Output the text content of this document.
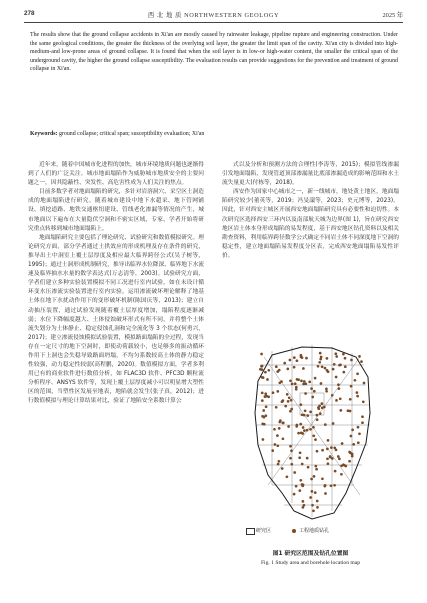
278	西 北 地 质 NORTHWESTERN GEOLOGY	2025 年
The results show that the ground collapse accidents in Xi'an are mostly caused by rainwater leakage, pipeline rupture and engineering construction. Under the same geological conditions, the greater the thickness of the overlying soil layer, the greater the limit span of the cavity. Xi'an city is divided into high-medium-and low-prone areas of ground collapse. It is found that when the soil layer is in low-or high-water content, the smaller the critical span of the underground cavity, the higher the ground collapse susceptibility. The evaluation results can provide suggestions for the prevention and treatment of ground collapse in Xi'an.
Keywords: ground collapse; critical span; susceptibility evaluation; Xi'an

近年来，随着中国城市化进程的加快，城市环境地质问题也逐渐得到了人们的广泛关注。城市地面塌陷作为威胁城市地质安全的主要问题之一，因其隐蔽性、突发性、高危害性成为人们关注的焦点。

目前多数学者对地面塌陷的研究，多针对岩溶洞穴、采空区土洞造成的地面塌陷进行研究。随着城市建设中地下水超采、地下管网铺设、填挖道路、地铁交通枢纽建设、管线老化渗漏等情况的产生，城市地面以下遍布在大量隐伏空洞和不密实区域，专家、学者开始将研究重点转移到城市地面塌陷上。

地面塌陷研究主要包括了理论研究、试验研究和数值模拟研究。理论研究方面，部分学者通过土拱效应的形成机理及存在条件的研究，推导出土中洞室上覆土层厚度及相应最大临界跨径公式(吴子树等，1995)；通过土洞形成机制研究，推导出临界水位降深、临界地下水流速及临界抽水水量的数学表达式(万志清等，2003)。试验研究方面，学者们建立多种实验装置模拟不同工况进行室内试验，如在未设计循环变水压渗流实验装置进行室内实验，运用渗流破坏理论解释了地基土体在地下水扰动作用下的变形破坏机制(陈国庆等，2013)；建立自动抽压装置，通过试验发现随着覆土层厚度增加，塌陷程度逐渐减弱；水位下降幅度越大、土体侵蚀破坏形式有所不同，并将整个土体流失划分为土体静止、稳定侵蚀孔洞和完全流化等 3 个状态(何勇兴，2017)；建立渗流侵蚀模拟试验装置，模拟路面塌陷的全过程，发现当存在一定尺寸的地下空洞时，即使动荷载较小，也足够多的振动循环作用下上洞也会失稳导致路面坍塌，不均匀系数较高土体的静力稳定性较强，动力稳定性较弱(高程鹏，2020)。数值模拟方面，学者多利用已有的商业软件进行数值分析，如 FLAC3D 软件、PFC3D 颗粒流分析程序、ANSYS 软件等，发现上覆土层厚度减小可以明显增大塑性区的范围，当塑性区发展至地表，地陷就会发生(张子真，2012)；进行数值模拟与理论计算结果对比，验证了地陷安全系数计算公

式以及分析和预测方法的合理性(李涛等，2015)；模拟管线渗漏引发地面塌陷，发现管道顶部渗漏量比底部渗漏造成的影响范围和水土流失量更大(付栋等，2018)。

西安作为国家中心城市之一，新一线城市，地处黄土地区，地面塌陷研究较少(董英等，2019；冯旻譞等，2023；史元博等，2023)。因此，针对西安主城区开展西安地面塌陷研究具有必要性和迫切性。本次研究区选择西安三环内以及南部航天城为边界(图 1)，旨在研究西安地区岩土体本身形成塌陷的易发程度，基于西安地区钻孔资料以及相关勘查资料，利用临界跨径数学公式确定不同岩土体不同深度地下空洞的稳定性，建立地面塌陷易发程度分区表，完成西安地面塌陷易发性评价。

研究区	工程地质钻孔
图1 研究区范围及钻孔位置图
Fig. 1 Study area and borehole location map
